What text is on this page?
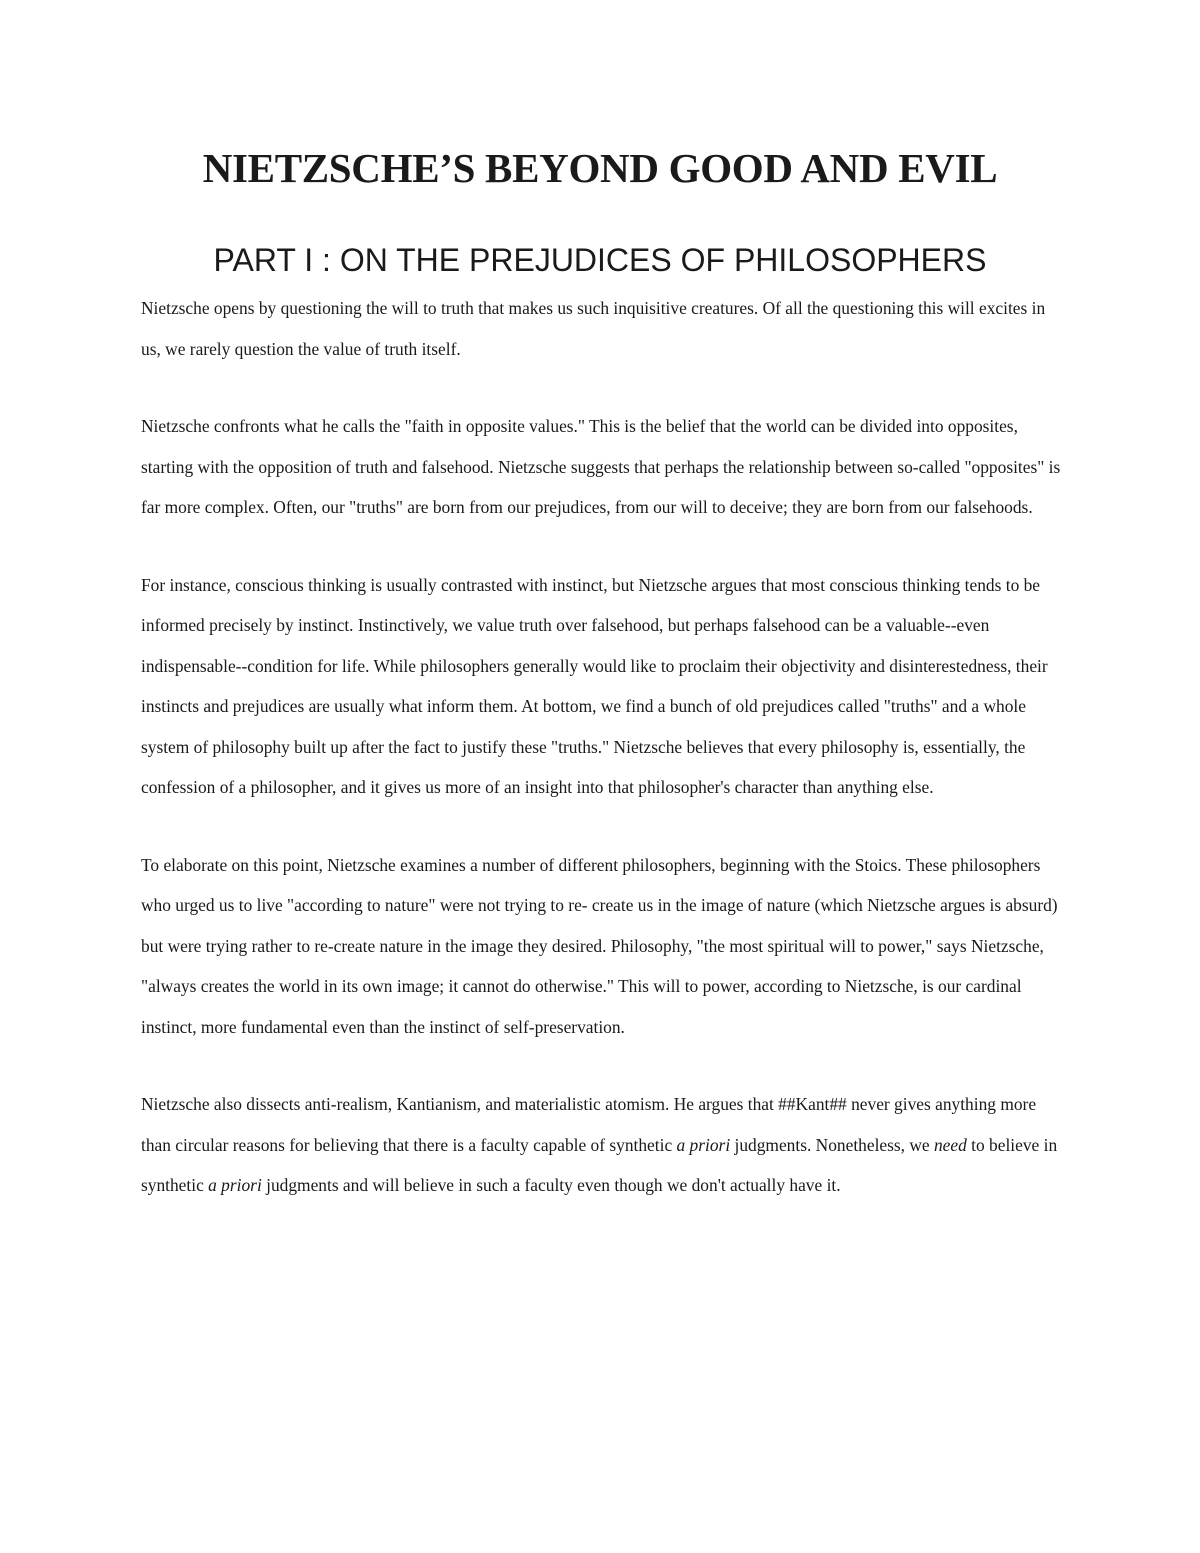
NIETZSCHE’S BEYOND GOOD AND EVIL
PART I : ON THE PREJUDICES OF PHILOSOPHERS

Nietzsche opens by questioning the will to truth that makes us such inquisitive creatures. Of all the questioning this will excites in us, we rarely question the value of truth itself.

Nietzsche confronts what he calls the "faith in opposite values." This is the belief that the world can be divided into opposites, starting with the opposition of truth and falsehood. Nietzsche suggests that perhaps the relationship between so-called "opposites" is far more complex. Often, our "truths" are born from our prejudices, from our will to deceive; they are born from our falsehoods.

For instance, conscious thinking is usually contrasted with instinct, but Nietzsche argues that most conscious thinking tends to be informed precisely by instinct. Instinctively, we value truth over falsehood, but perhaps falsehood can be a valuable--even indispensable--condition for life. While philosophers generally would like to proclaim their objectivity and disinterestedness, their instincts and prejudices are usually what inform them. At bottom, we find a bunch of old prejudices called "truths" and a whole system of philosophy built up after the fact to justify these "truths." Nietzsche believes that every philosophy is, essentially, the confession of a philosopher, and it gives us more of an insight into that philosopher's character than anything else.

To elaborate on this point, Nietzsche examines a number of different philosophers, beginning with the Stoics. These philosophers who urged us to live "according to nature" were not trying to re- create us in the image of nature (which Nietzsche argues is absurd) but were trying rather to re-create nature in the image they desired. Philosophy, "the most spiritual will to power," says Nietzsche, "always creates the world in its own image; it cannot do otherwise." This will to power, according to Nietzsche, is our cardinal instinct, more fundamental even than the instinct of self-preservation.

Nietzsche also dissects anti-realism, Kantianism, and materialistic atomism. He argues that ##Kant## never gives anything more than circular reasons for believing that there is a faculty capable of synthetic a priori judgments. Nonetheless, we need to believe in synthetic a priori judgments and will believe in such a faculty even though we don't actually have it.
